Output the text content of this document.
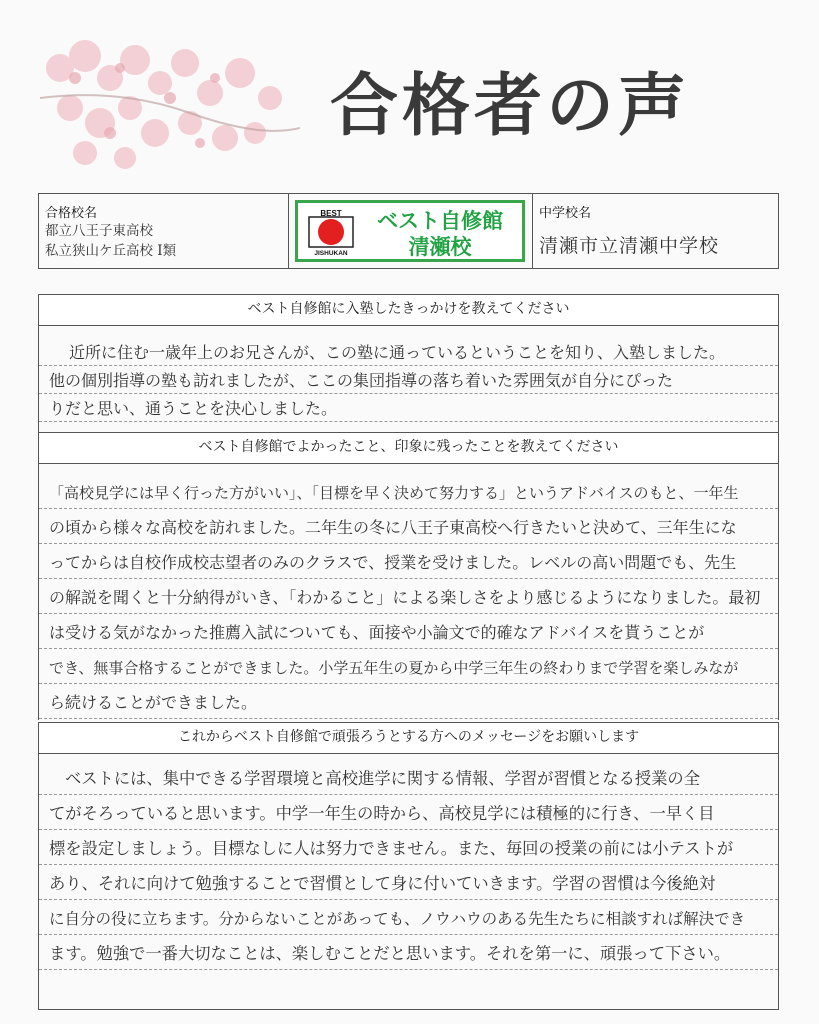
合格者の声
合格校名
都立八王子東高校
私立狭山ケ丘高校 Ⅰ類
BEST
JISHUKAN
ベスト自修館
清瀬校
中学校名
清瀬市立清瀬中学校
ベスト自修館に入塾したきっかけを教えてください
近所に住む一歳年上のお兄さんが、この塾に通っているということを知り、入塾しました。
他の個別指導の塾も訪れましたが、ここの集団指導の落ち着いた雰囲気が自分にぴった
りだと思い、通うことを決心しました。
ベスト自修館でよかったこと、印象に残ったことを教えてください
「高校見学には早く行った方がいい」、「目標を早く決めて努力する」というアドバイスのもと、一年生
の頃から様々な高校を訪れました。二年生の冬に八王子東高校へ行きたいと決めて、三年生にな
ってからは自校作成校志望者のみのクラスで、授業を受けました。レベルの高い問題でも、先生
の解説を聞くと十分納得がいき、「わかること」による楽しさをより感じるようになりました。最初
は受ける気がなかった推薦入試についても、面接や小論文で的確なアドバイスを貰うことが
でき、無事合格することができました。小学五年生の夏から中学三年生の終わりまで学習を楽しみなが
ら続けることができました。
これからベスト自修館で頑張ろうとする方へのメッセージをお願いします
ベストには、集中できる学習環境と高校進学に関する情報、学習が習慣となる授業の全
てがそろっていると思います。中学一年生の時から、高校見学には積極的に行き、一早く目
標を設定しましょう。目標なしに人は努力できません。また、毎回の授業の前には小テストが
あり、それに向けて勉強することで習慣として身に付いていきます。学習の習慣は今後絶対
に自分の役に立ちます。分からないことがあっても、ノウハウのある先生たちに相談すれば解決でき
ます。勉強で一番大切なことは、楽しむことだと思います。それを第一に、頑張って下さい。
